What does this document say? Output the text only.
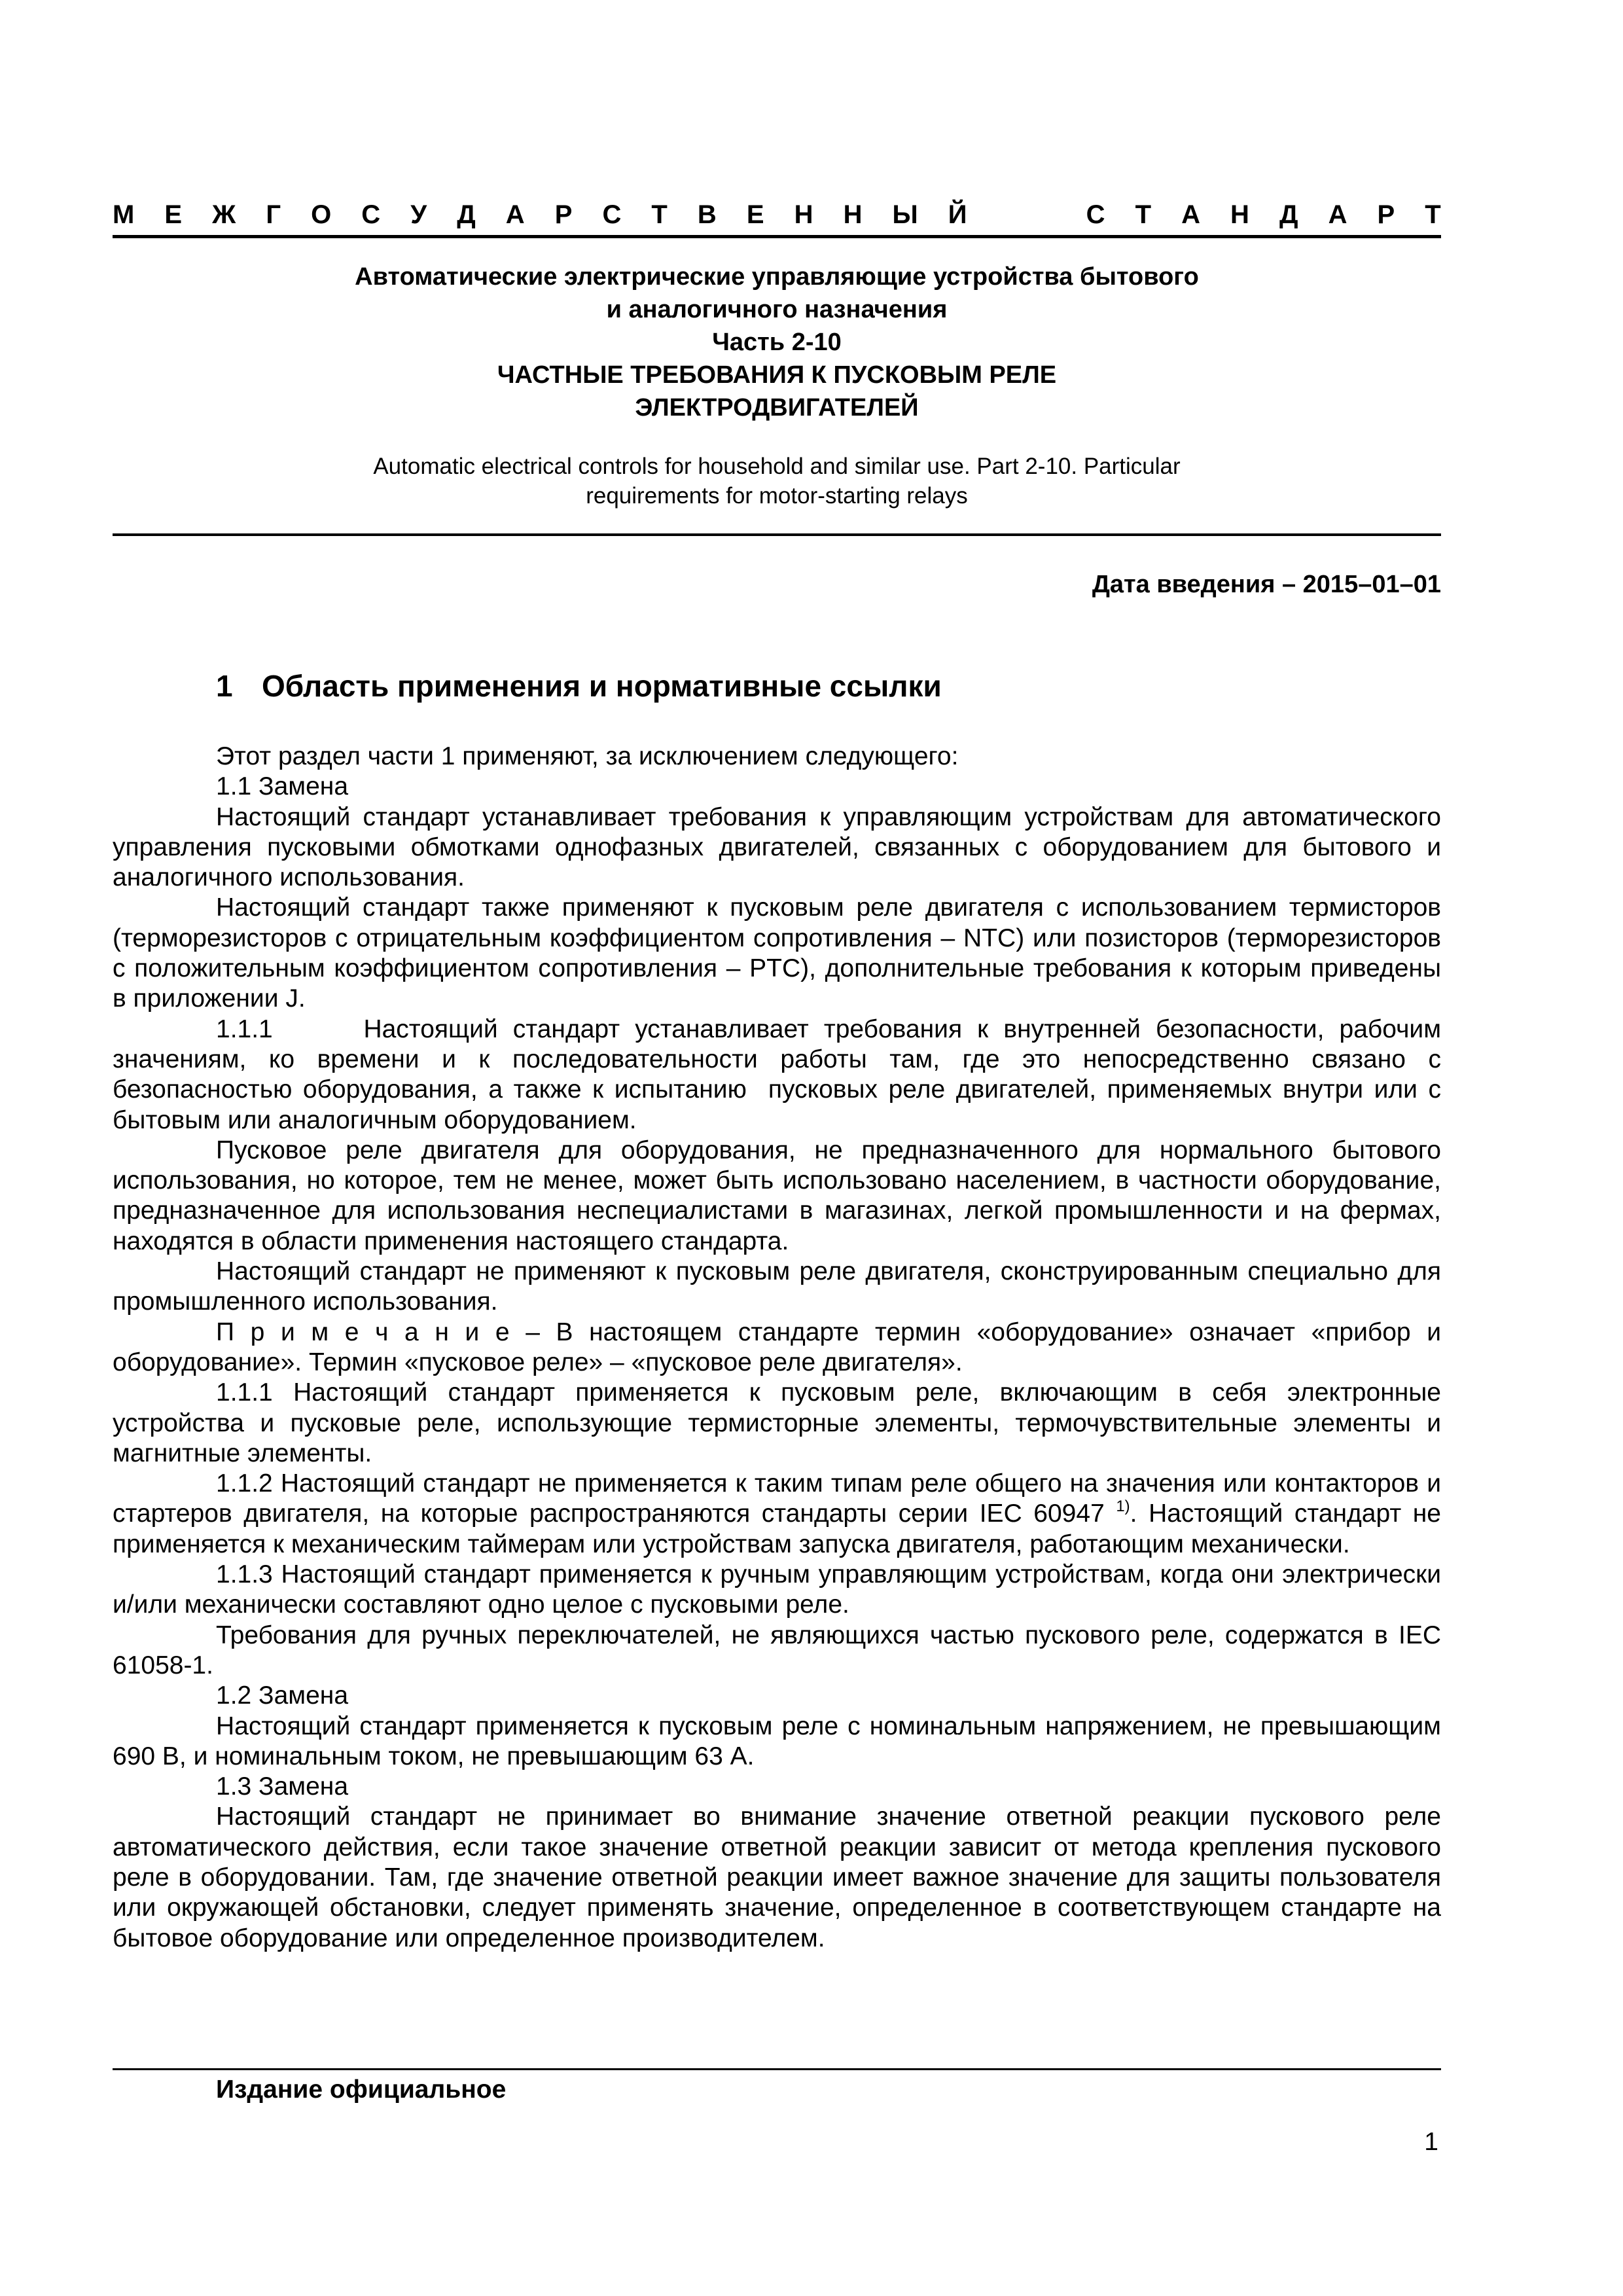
М Е Ж Г О С У Д А Р С Т В Е Н Н Ы Й	С Т А Н Д А Р Т
Автоматические электрические управляющие устройства бытового
и аналогичного назначения
Часть 2-10
ЧАСТНЫЕ ТРЕБОВАНИЯ К ПУСКОВЫМ РЕЛЕ
ЭЛЕКТРОДВИГАТЕЛЕЙ
Automatic electrical controls for household and similar use. Part 2-10. Particular
requirements for motor-starting relays
Дата введения – 2015–01–01
1 Область применения и нормативные ссылки

Этот раздел части 1 применяют, за исключением следующего:

1.1 Замена

Настоящий стандарт устанавливает требования к управляющим устройствам для автоматического управления пусковыми обмотками однофазных двигателей, связанных с оборудованием для бытового и аналогичного использования.

Настоящий стандарт также применяют к пусковым реле двигателя с использованием термисторов (терморезисторов с отрицательным коэффициентом сопротивления – NTC) или позисторов (терморезисторов с положительным коэффициентом сопротивления – PTC), дополнительные требования к которым приведены в приложении J.

1.1.1      Настоящий стандарт устанавливает требования к внутренней безопасности, рабочим значениям, ко времени и к последовательности работы там, где это непосредственно связано с безопасностью оборудования, а также к испытанию  пусковых реле двигателей, применяемых внутри или с бытовым или аналогичным оборудованием.

Пусковое реле двигателя для оборудования, не предназначенного для нормального бытового использования, но которое, тем не менее, может быть использовано населением, в частности оборудование, предназначенное для использования неспециалистами в магазинах, легкой промышленности и на фермах, находятся в области применения настоящего стандарта.

Настоящий стандарт не применяют к пусковым реле двигателя, сконструированным специально для промышленного использования.

П р и м е ч а н и е – В настоящем стандарте термин «оборудование» означает «прибор и оборудование». Термин «пусковое реле» – «пусковое реле двигателя».

1.1.1 Настоящий стандарт применяется к пусковым реле, включающим в себя электронные устройства и пусковые реле, использующие термисторные элементы, термочувствительные элементы и магнитные элементы.

1.1.2 Настоящий стандарт не применяется к таким типам реле общего на значения или контакторов и стартеров двигателя, на которые распространяются стандарты серии IEC 60947 $^{1)}$. Настоящий стандарт не применяется к механическим таймерам или устройствам запуска двигателя, работающим механически.

1.1.3 Настоящий стандарт применяется к ручным управляющим устройствам, когда они электрически и/или механически составляют одно целое с пусковыми реле.

Требования для ручных переключателей, не являющихся частью пускового реле, содержатся в IEC 61058-1.

1.2 Замена

Настоящий стандарт применяется к пусковым реле с номинальным напряжением, не превышающим 690 В, и номинальным током, не превышающим 63 А.

1.3 Замена

Настоящий стандарт не принимает во внимание значение ответной реакции пускового реле автоматического действия, если такое значение ответной реакции зависит от метода крепления пускового реле в оборудовании. Там, где значение ответной реакции имеет важное значение для защиты пользователя или окружающей обстановки, следует применять значение, определенное в соответствующем стандарте на бытовое оборудование или определенное производителем.

Издание официальное
1
